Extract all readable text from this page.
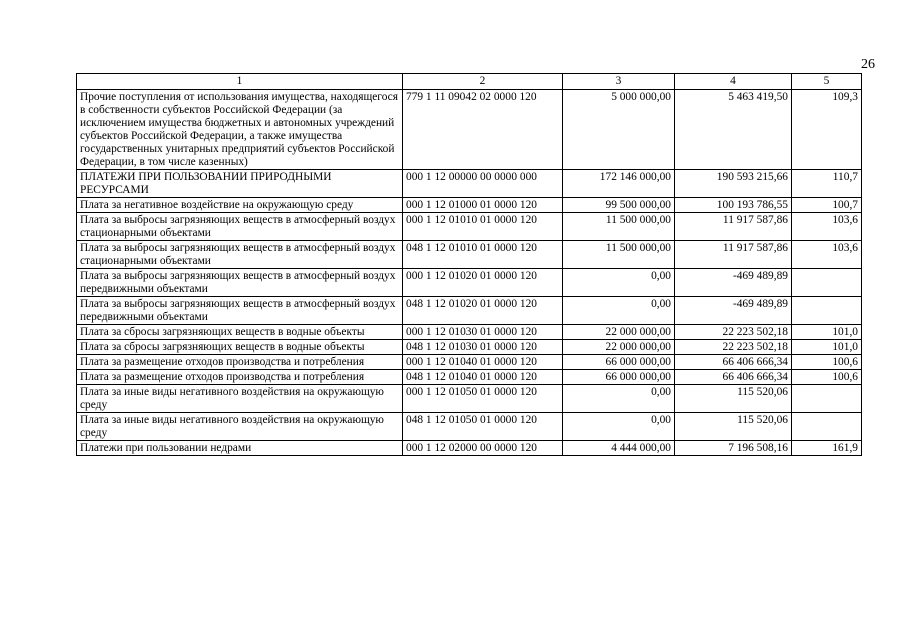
26
1	2	3	4	5
Прочие поступления от использования имущества, находящегося в собственности субъектов Российской Федерации (за исключением имущества бюджетных и автономных учреждений субъектов Российской Федерации, а также имущества государственных унитарных предприятий субъектов Российской Федерации, в том числе казенных)	779 1 11 09042 02 0000 120	5 000 000,00	5 463 419,50	109,3
ПЛАТЕЖИ ПРИ ПОЛЬЗОВАНИИ ПРИРОДНЫМИ РЕСУРСАМИ	000 1 12 00000 00 0000 000	172 146 000,00	190 593 215,66	110,7
Плата за негативное воздействие на окружающую среду	000 1 12 01000 01 0000 120	99 500 000,00	100 193 786,55	100,7
Плата за выбросы загрязняющих веществ в атмосферный воздух стационарными объектами	000 1 12 01010 01 0000 120	11 500 000,00	11 917 587,86	103,6
Плата за выбросы загрязняющих веществ в атмосферный воздух стационарными объектами	048 1 12 01010 01 0000 120	11 500 000,00	11 917 587,86	103,6
Плата за выбросы загрязняющих веществ в атмосферный воздух передвижными объектами	000 1 12 01020 01 0000 120	0,00	-469 489,89	
Плата за выбросы загрязняющих веществ в атмосферный воздух передвижными объектами	048 1 12 01020 01 0000 120	0,00	-469 489,89	
Плата за сбросы загрязняющих веществ в водные объекты	000 1 12 01030 01 0000 120	22 000 000,00	22 223 502,18	101,0
Плата за сбросы загрязняющих веществ в водные объекты	048 1 12 01030 01 0000 120	22 000 000,00	22 223 502,18	101,0
Плата за размещение отходов производства и потребления	000 1 12 01040 01 0000 120	66 000 000,00	66 406 666,34	100,6
Плата за размещение отходов производства и потребления	048 1 12 01040 01 0000 120	66 000 000,00	66 406 666,34	100,6
Плата за иные виды негативного воздействия на окружающую среду	000 1 12 01050 01 0000 120	0,00	115 520,06	
Плата за иные виды негативного воздействия на окружающую среду	048 1 12 01050 01 0000 120	0,00	115 520,06	
Платежи при пользовании недрами	000 1 12 02000 00 0000 120	4 444 000,00	7 196 508,16	161,9
